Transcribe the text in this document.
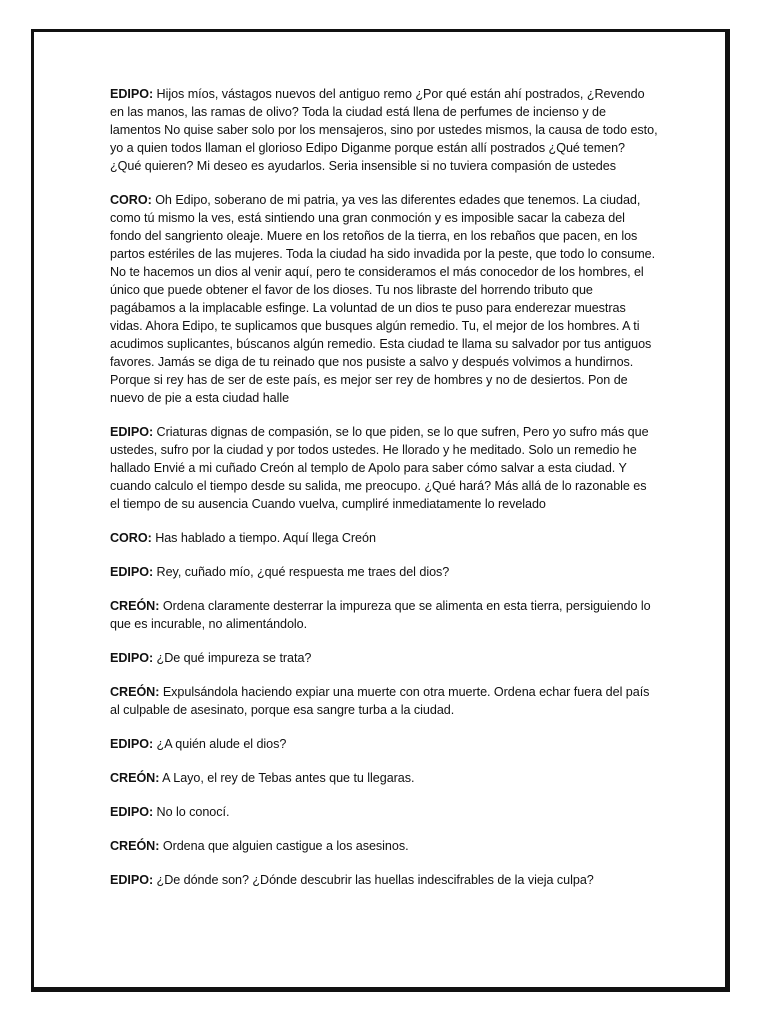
EDIPO: Hijos míos, vástagos nuevos del antiguo remo ¿Por qué están ahí postrados, ¿Revendo en las manos, las ramas de olivo? Toda la ciudad está llena de perfumes de incienso y de lamentos No quise saber solo por los mensajeros, sino por ustedes mismos, la causa de todo esto, yo a quien todos llaman el glorioso Edipo Diganme porque están allí postrados ¿Qué temen? ¿Qué quieren? Mi deseo es ayudarlos. Seria insensible si no tuviera compasión de ustedes

CORO: Oh Edipo, soberano de mi patria, ya ves las diferentes edades que tenemos. La ciudad, como tú mismo la ves, está sintiendo una gran conmoción y es imposible sacar la cabeza del fondo del sangriento oleaje. Muere en los retoños de la tierra, en los rebaños que pacen, en los partos estériles de las mujeres. Toda la ciudad ha sido invadida por la peste, que todo lo consume. No te hacemos un dios al venir aquí, pero te consideramos el más conocedor de los hombres, el único que puede obtener el favor de los dioses. Tu nos libraste del horrendo tributo que pagábamos a la implacable esfinge. La voluntad de un dios te puso para enderezar muestras vidas. Ahora Edipo, te suplicamos que busques algún remedio. Tu, el mejor de los hombres. A ti acudimos suplicantes, búscanos algún remedio. Esta ciudad te llama su salvador por tus antiguos favores. Jamás se diga de tu reinado que nos pusiste a salvo y después volvimos a hundirnos. Porque si rey has de ser de este país, es mejor ser rey de hombres y no de desiertos. Pon de nuevo de pie a esta ciudad halle

EDIPO: Criaturas dignas de compasión, se lo que piden, se lo que sufren, Pero yo sufro más que ustedes, sufro por la ciudad y por todos ustedes. He llorado y he meditado. Solo un remedio he hallado Envié a mi cuñado Creón al templo de Apolo para saber cómo salvar a esta ciudad. Y cuando calculo el tiempo desde su salida, me preocupo. ¿Qué hará? Más allá de lo razonable es el tiempo de su ausencia Cuando vuelva, cumpliré inmediatamente lo revelado

CORO: Has hablado a tiempo. Aquí llega Creón

EDIPO: Rey, cuñado mío, ¿qué respuesta me traes del dios?

CREÓN: Ordena claramente desterrar la impureza que se alimenta en esta tierra, persiguiendo lo que es incurable, no alimentándolo.

EDIPO: ¿De qué impureza se trata?

CREÓN: Expulsándola haciendo expiar una muerte con otra muerte. Ordena echar fuera del país al culpable de asesinato, porque esa sangre turba a la ciudad.

EDIPO: ¿A quién alude el dios?

CREÓN: A Layo, el rey de Tebas antes que tu llegaras.

EDIPO: No lo conocí.

CREÓN: Ordena que alguien castigue a los asesinos.

EDIPO: ¿De dónde son? ¿Dónde descubrir las huellas indescifrables de la vieja culpa?
